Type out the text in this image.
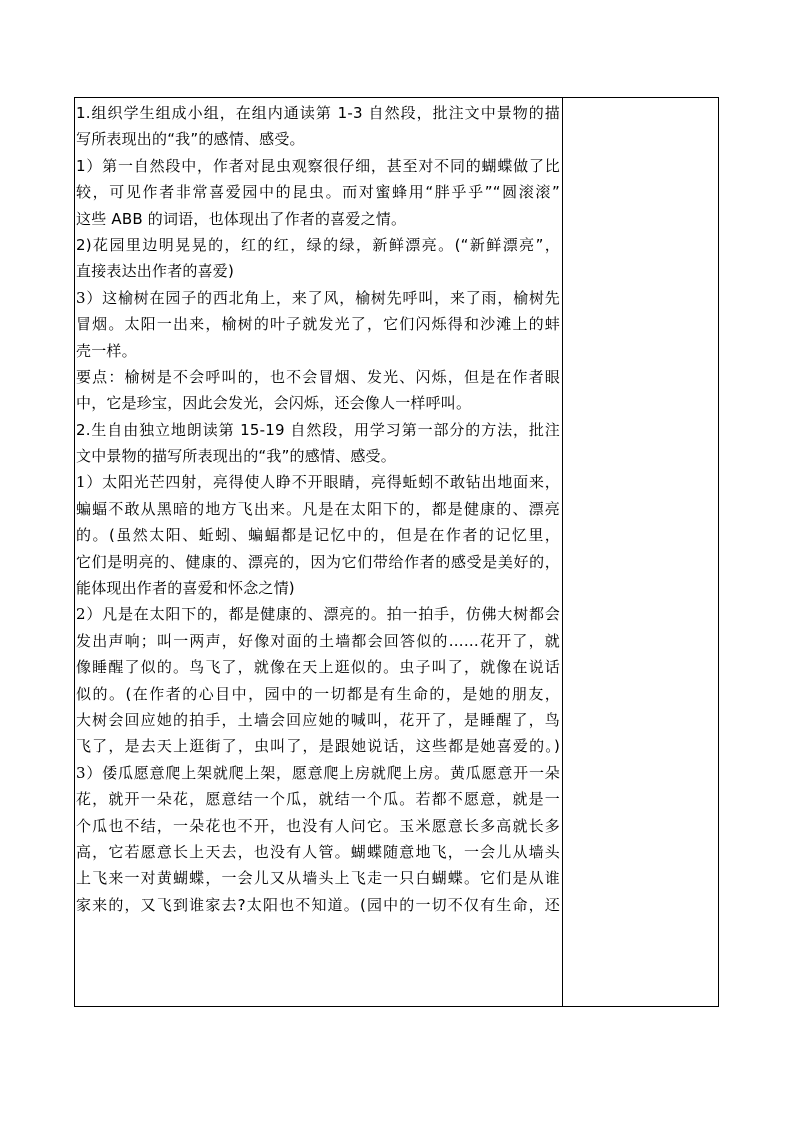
1.组织学生组成小组，在组内通读第 1-3 自然段，批注文中景物的描
写所表现出的“我”的感情、感受。
1）第一自然段中，作者对昆虫观察很仔细，甚至对不同的蝴蝶做了比
较，可见作者非常喜爱园中的昆虫。而对蜜蜂用“胖乎乎”“圆滚滚”
这些 ABB 的词语，也体现出了作者的喜爱之情。
2)花园里边明晃晃的，红的红，绿的绿，新鲜漂亮。(“新鲜漂亮”，
直接表达出作者的喜爱)
3）这榆树在园子的西北角上，来了风，榆树先呼叫，来了雨，榆树先
冒烟。太阳一出来，榆树的叶子就发光了，它们闪烁得和沙滩上的蚌
壳一样。
要点：榆树是不会呼叫的，也不会冒烟、发光、闪烁，但是在作者眼
中，它是珍宝，因此会发光，会闪烁，还会像人一样呼叫。
2.生自由独立地朗读第 15-19 自然段，用学习第一部分的方法，批注
文中景物的描写所表现出的“我”的感情、感受。
1）太阳光芒四射，亮得使人睁不开眼睛，亮得蚯蚓不敢钻出地面来，
蝙蝠不敢从黑暗的地方飞出来。凡是在太阳下的，都是健康的、漂亮
的。(虽然太阳、蚯蚓、蝙蝠都是记忆中的，但是在作者的记忆里，
它们是明亮的、健康的、漂亮的，因为它们带给作者的感受是美好的，
能体现出作者的喜爱和怀念之情)
2）凡是在太阳下的，都是健康的、漂亮的。拍一拍手，仿佛大树都会
发出声响；叫一两声，好像对面的土墙都会回答似的……花开了，就
像睡醒了似的。鸟飞了，就像在天上逛似的。虫子叫了，就像在说话
似的。(在作者的心目中，园中的一切都是有生命的，是她的朋友，
大树会回应她的拍手，土墙会回应她的喊叫，花开了，是睡醒了，鸟
飞了，是去天上逛街了，虫叫了，是跟她说话，这些都是她喜爱的。)
3）倭瓜愿意爬上架就爬上架，愿意爬上房就爬上房。黄瓜愿意开一朵
花，就开一朵花，愿意结一个瓜，就结一个瓜。若都不愿意，就是一
个瓜也不结，一朵花也不开，也没有人问它。玉米愿意长多高就长多
高，它若愿意长上天去，也没有人管。蝴蝶随意地飞，一会儿从墙头
上飞来一对黄蝴蝶，一会儿又从墙头上飞走一只白蝴蝶。它们是从谁
家来的，又飞到谁家去?太阳也不知道。(园中的一切不仅有生命，还
